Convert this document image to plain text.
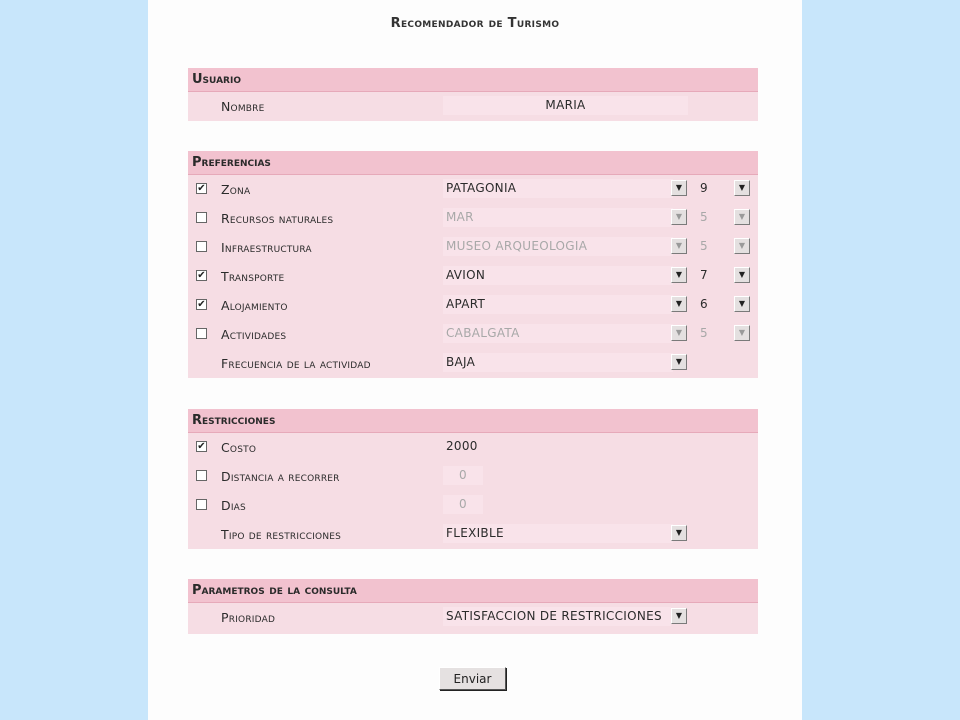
Recomendador de Turismo
Usuario
Nombre	MARIA
Preferencias
✔ Zona	PATAGONIA	▼	9	▼
Recursos naturales	MAR	▼	5	▼
Infraestructura	MUSEO ARQUEOLOGIA	▼	5	▼
✔ Transporte	AVION	▼	7	▼
✔ Alojamiento	APART	▼	6	▼
Actividades	CABALGATA	▼	5	▼
Frecuencia de la actividad	BAJA	▼
Restricciones
✔ Costo	2000
Distancia a recorrer	0
Dias	0
Tipo de restricciones	FLEXIBLE	▼
Parametros de la consulta
Prioridad	SATISFACCION DE RESTRICCIONES	▼
Enviar
